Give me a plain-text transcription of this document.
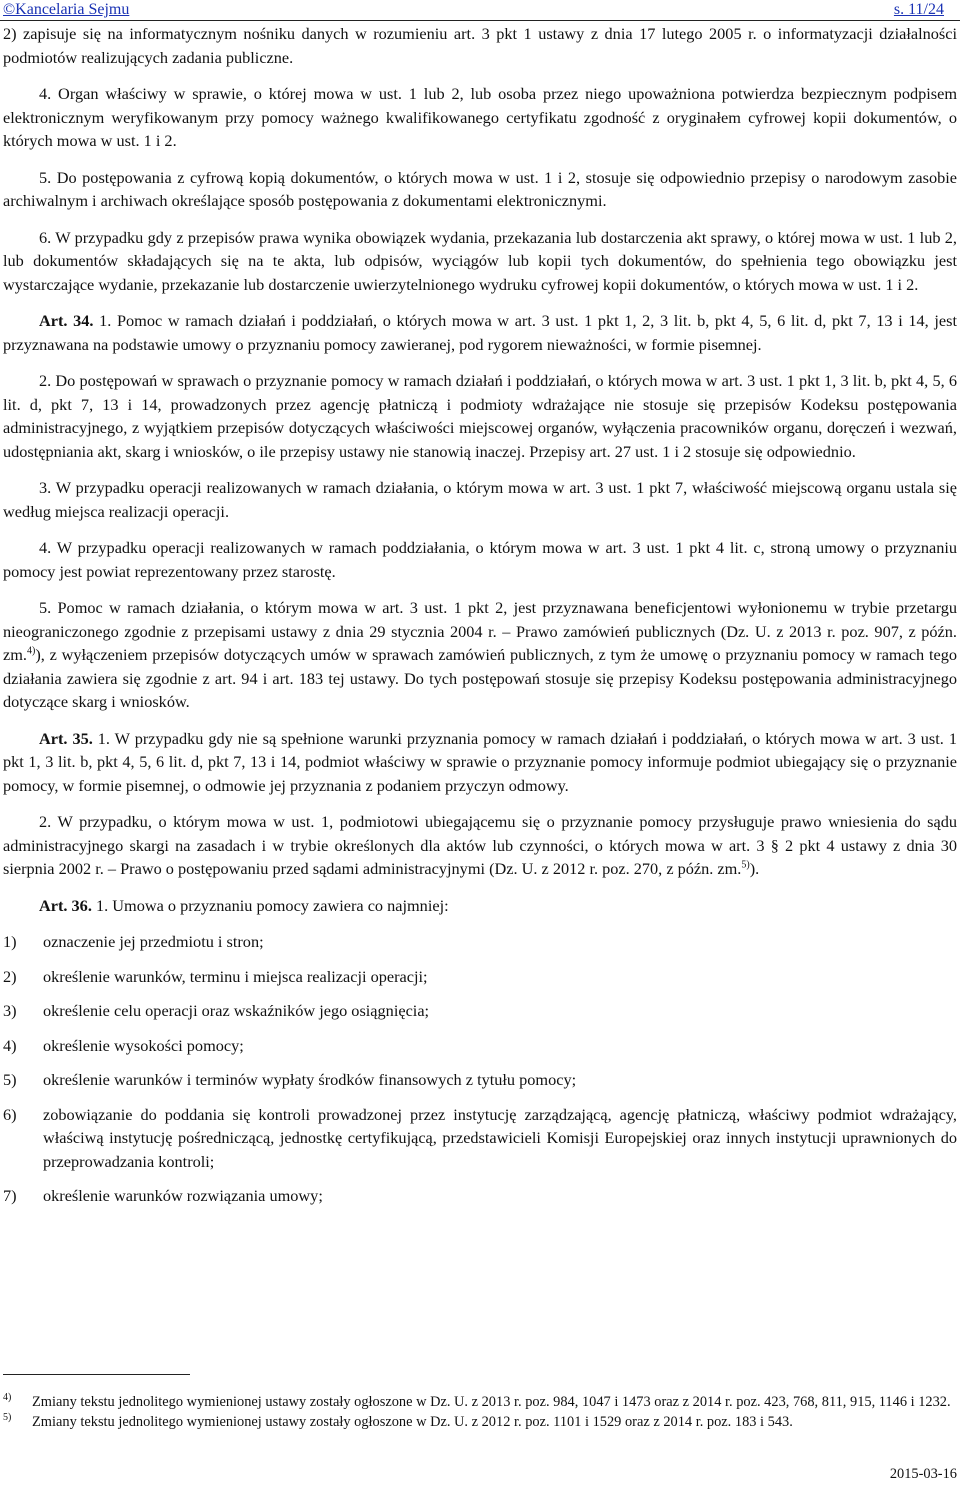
©Kancelaria Sejmu	s. 11/24

2) zapisuje się na informatycznym nośniku danych w rozumieniu art. 3 pkt 1 ustawy z dnia 17 lutego 2005 r. o informatyzacji działalności podmiotów realizujących zadania publiczne.

4. Organ właściwy w sprawie, o której mowa w ust. 1 lub 2, lub osoba przez niego upoważniona potwierdza bezpiecznym podpisem elektronicznym weryfikowanym przy pomocy ważnego kwalifikowanego certyfikatu zgodność z oryginałem cyfrowej kopii dokumentów, o których mowa w ust. 1 i 2.

5. Do postępowania z cyfrową kopią dokumentów, o których mowa w ust. 1 i 2, stosuje się odpowiednio przepisy o narodowym zasobie archiwalnym i archiwach określające sposób postępowania z dokumentami elektronicznymi.

6. W przypadku gdy z przepisów prawa wynika obowiązek wydania, przekazania lub dostarczenia akt sprawy, o której mowa w ust. 1 lub 2, lub dokumentów składających się na te akta, lub odpisów, wyciągów lub kopii tych dokumentów, do spełnienia tego obowiązku jest wystarczające wydanie, przekazanie lub dostarczenie uwierzytelnionego wydruku cyfrowej kopii dokumentów, o których mowa w ust. 1 i 2.

Art. 34. 1. Pomoc w ramach działań i poddziałań, o których mowa w art. 3 ust. 1 pkt 1, 2, 3 lit. b, pkt 4, 5, 6 lit. d, pkt 7, 13 i 14, jest przyznawana na podstawie umowy o przyznaniu pomocy zawieranej, pod rygorem nieważności, w formie pisemnej.

2. Do postępowań w sprawach o przyznanie pomocy w ramach działań i poddziałań, o których mowa w art. 3 ust. 1 pkt 1, 3 lit. b, pkt 4, 5, 6 lit. d, pkt 7, 13 i 14, prowadzonych przez agencję płatniczą i podmioty wdrażające nie stosuje się przepisów Kodeksu postępowania administracyjnego, z wyjątkiem przepisów dotyczących właściwości miejscowej organów, wyłączenia pracowników organu, doręczeń i wezwań, udostępniania akt, skarg i wniosków, o ile przepisy ustawy nie stanowią inaczej. Przepisy art. 27 ust. 1 i 2 stosuje się odpowiednio.

3. W przypadku operacji realizowanych w ramach działania, o którym mowa w art. 3 ust. 1 pkt 7, właściwość miejscową organu ustala się według miejsca realizacji operacji.

4. W przypadku operacji realizowanych w ramach poddziałania, o którym mowa w art. 3 ust. 1 pkt 4 lit. c, stroną umowy o przyznaniu pomocy jest powiat reprezentowany przez starostę.

5. Pomoc w ramach działania, o którym mowa w art. 3 ust. 1 pkt 2, jest przyznawana beneficjentowi wyłonionemu w trybie przetargu nieograniczonego zgodnie z przepisami ustawy z dnia 29 stycznia 2004 r. – Prawo zamówień publicznych (Dz. U. z 2013 r. poz. 907, z późn. zm.$^{4)}$), z wyłączeniem przepisów dotyczących umów w sprawach zamówień publicznych, z tym że umowę o przyznaniu pomocy w ramach tego działania zawiera się zgodnie z art. 94 i art. 183 tej ustawy. Do tych postępowań stosuje się przepisy Kodeksu postępowania administracyjnego dotyczące skarg i wniosków.

Art. 35. 1. W przypadku gdy nie są spełnione warunki przyznania pomocy w ramach działań i poddziałań, o których mowa w art. 3 ust. 1 pkt 1, 3 lit. b, pkt 4, 5, 6 lit. d, pkt 7, 13 i 14, podmiot właściwy w sprawie o przyznanie pomocy informuje podmiot ubiegający się o przyznanie pomocy, w formie pisemnej, o odmowie jej przyznania z podaniem przyczyn odmowy.

2. W przypadku, o którym mowa w ust. 1, podmiotowi ubiegającemu się o przyznanie pomocy przysługuje prawo wniesienia do sądu administracyjnego skargi na zasadach i w trybie określonych dla aktów lub czynności, o których mowa w art. 3 § 2 pkt 4 ustawy z dnia 30 sierpnia 2002 r. – Prawo o postępowaniu przed sądami administracyjnymi (Dz. U. z 2012 r. poz. 270, z późn. zm.$^{5)}$).

Art. 36. 1. Umowa o przyznaniu pomocy zawiera co najmniej:

1) oznaczenie jej przedmiotu i stron;
2) określenie warunków, terminu i miejsca realizacji operacji;
3) określenie celu operacji oraz wskaźników jego osiągnięcia;
4) określenie wysokości pomocy;
5) określenie warunków i terminów wypłaty środków finansowych z tytułu pomocy;
6) zobowiązanie do poddania się kontroli prowadzonej przez instytucję zarządzającą, agencję płatniczą, właściwy podmiot wdrażający, właściwą instytucję pośredniczącą, jednostkę certyfikującą, przedstawicieli Komisji Europejskiej oraz innych instytucji uprawnionych do przeprowadzania kontroli;
7) określenie warunków rozwiązania umowy;
4) Zmiany tekstu jednolitego wymienionej ustawy zostały ogłoszone w Dz. U. z 2013 r. poz. 984, 1047 i 1473 oraz z 2014 r. poz. 423, 768, 811, 915, 1146 i 1232.
5) Zmiany tekstu jednolitego wymienionej ustawy zostały ogłoszone w Dz. U. z 2012 r. poz. 1101 i 1529 oraz z 2014 r. poz. 183 i 543.
2015-03-16
